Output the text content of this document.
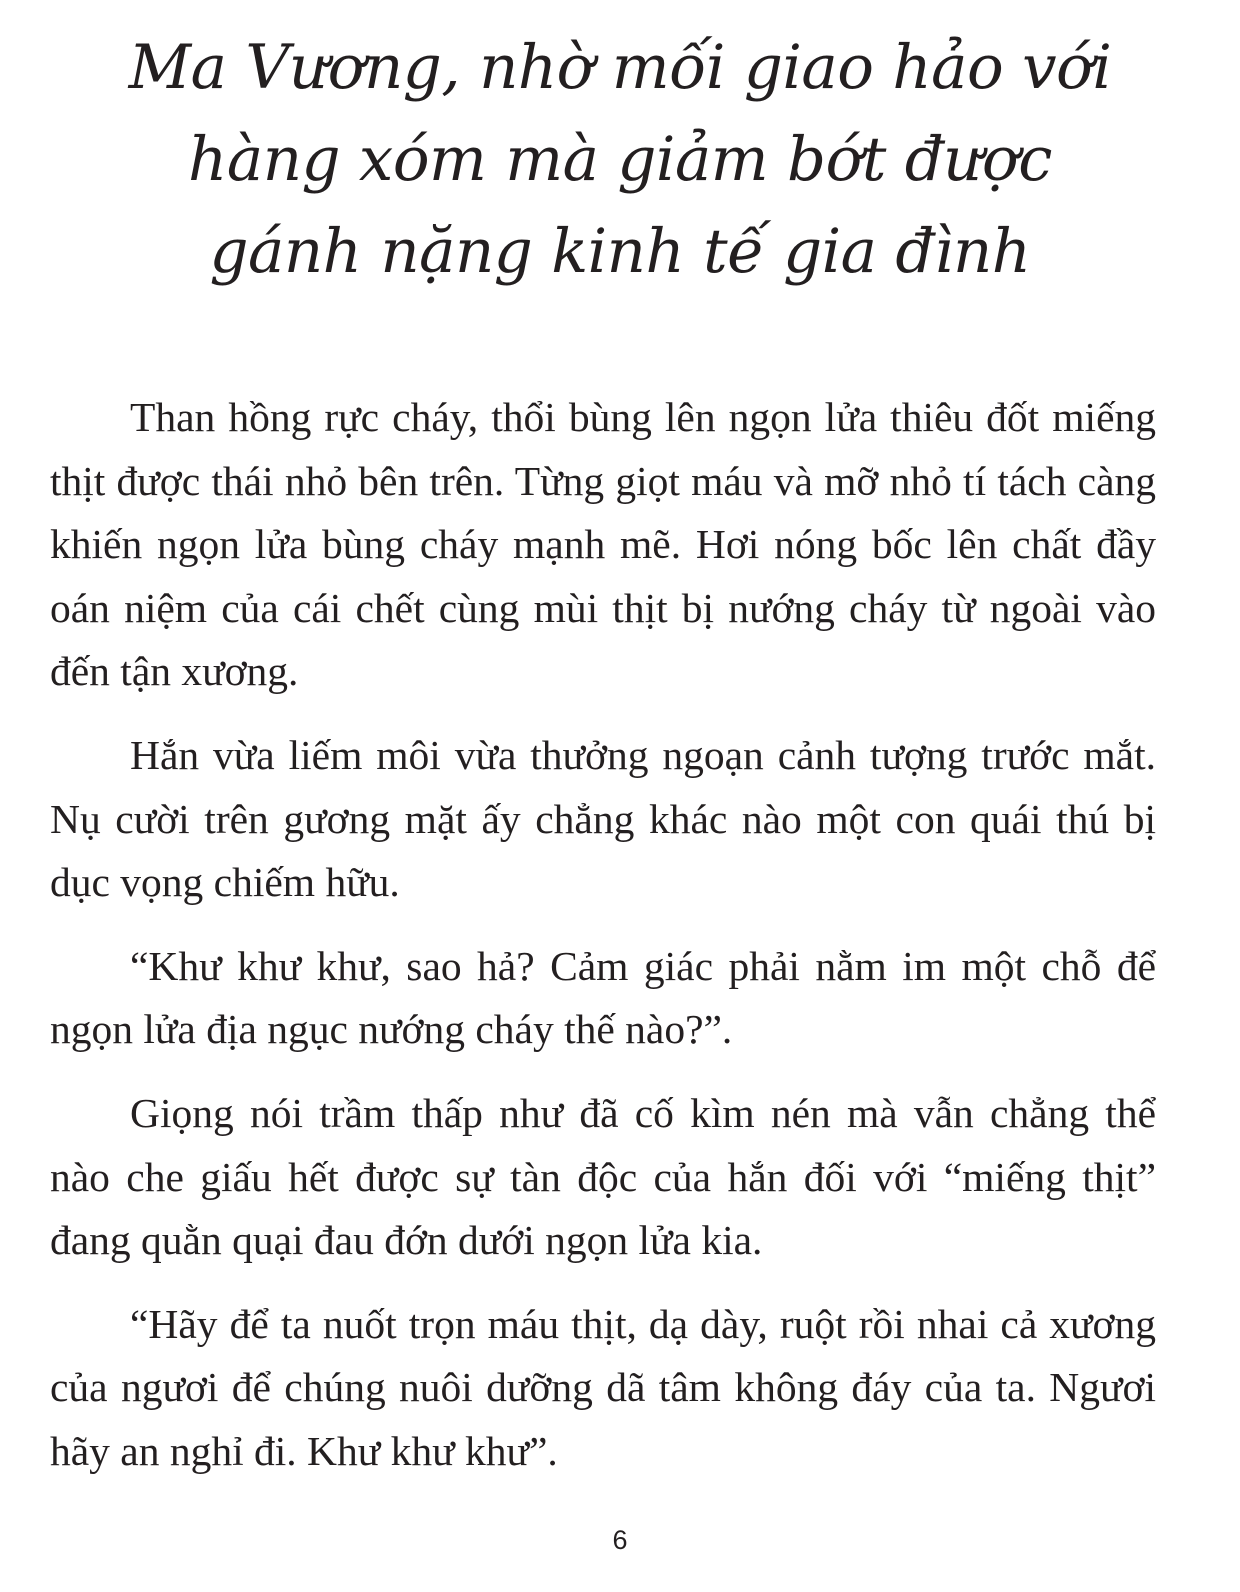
Ma Vương, nhờ mối giao hảo với
hàng xóm mà giảm bớt được
gánh nặng kinh tế gia đình

Than hồng rực cháy, thổi bùng lên ngọn lửa thiêu đốt miếng thịt được thái nhỏ bên trên. Từng giọt máu và mỡ nhỏ tí tách càng khiến ngọn lửa bùng cháy mạnh mẽ. Hơi nóng bốc lên chất đầy oán niệm của cái chết cùng mùi thịt bị nướng cháy từ ngoài vào đến tận xương.

Hắn vừa liếm môi vừa thưởng ngoạn cảnh tượng trước mắt. Nụ cười trên gương mặt ấy chẳng khác nào một con quái thú bị dục vọng chiếm hữu.

“Khư khư khư, sao hả? Cảm giác phải nằm im một chỗ để ngọn lửa địa ngục nướng cháy thế nào?”.

Giọng nói trầm thấp như đã cố kìm nén mà vẫn chẳng thể nào che giấu hết được sự tàn độc của hắn đối với “miếng thịt” đang quằn quại đau đớn dưới ngọn lửa kia.

“Hãy để ta nuốt trọn máu thịt, dạ dày, ruột rồi nhai cả xương của ngươi để chúng nuôi dưỡng dã tâm không đáy của ta. Ngươi hãy an nghỉ đi. Khư khư khư”.

6
